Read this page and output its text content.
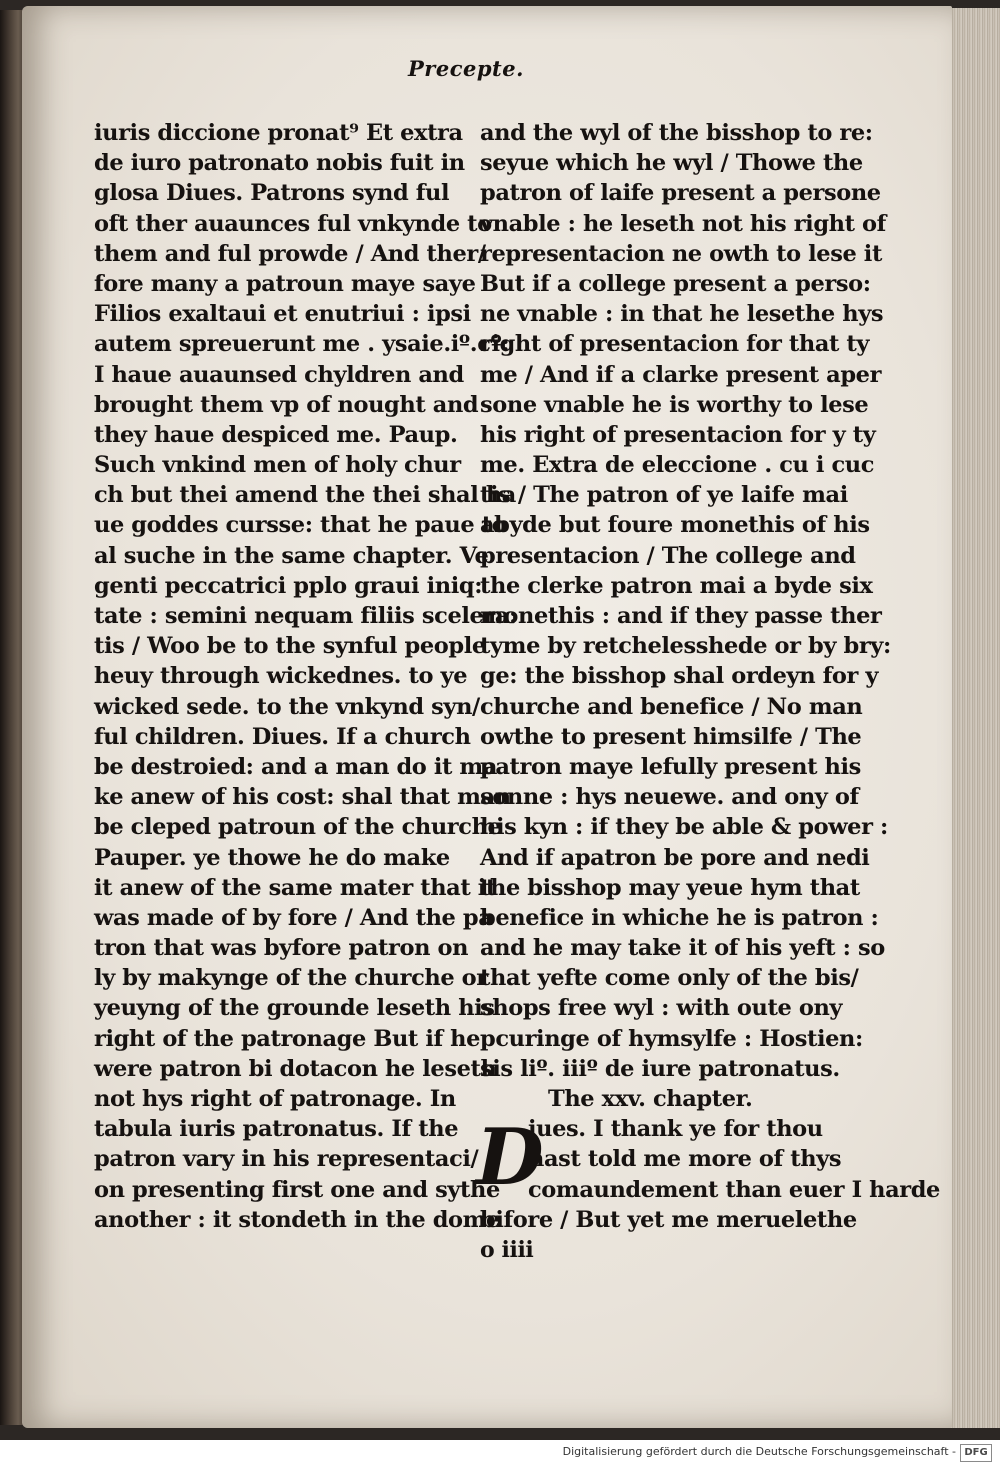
Precepte.
iuris diccione pronat⁹ Et extra
de iuro patronato nobis fuit in
glosa Diues. Patrons synd ful
oft ther auaunces ful vnkynde to
them and ful prowde / And ther/
fore many a patroun maye saye
Filios exaltaui et enutriui : ipsi
autem spreuerunt me . ysaie.iº.cº:
I haue auaunsed chyldren and
brought them vp of nought and
they haue despiced me. Paup.
Such vnkind men of holy chur
ch but thei amend the thei shal ha
ue goddes cursse: that he paue to
al suche in the same chapter. Ve
genti peccatrici pplo graui iniq:
tate : semini nequam filiis scelera:
tis / Woo be to the synful people
heuy through wickednes. to ye
wicked sede. to the vnkynd syn/
ful children. Diues. If a church
be destroied: and a man do it ma
ke anew of his cost: shal that man
be cleped patroun of the churche
Pauper. ye thowe he do make
it anew of the same mater that it
was made of by fore / And the pa
tron that was byfore patron on
ly by makynge of the churche or
yeuyng of the grounde leseth his
right of the patronage But if he
were patron bi dotacon he leseth
not hys right of patronage. In
tabula iuris patronatus. If the
patron vary in his representaci/
on presenting first one and sythe
another : it stondeth in the dome
and the wyl of the bisshop to re:
seyue which he wyl / Thowe the
patron of laife present a persone
vnable : he leseth not his right of
representacion ne owth to lese it
But if a college present a perso:
ne vnable : in that he lesethe hys
right of presentacion for that ty
me / And if a clarke present aper
sone vnable he is worthy to lese
his right of presentacion for y ty
me. Extra de eleccione . cu i cuc
tis / The patron of ye laife mai
abyde but foure monethis of his
presentacion / The college and
the clerke patron mai a byde six
monethis : and if they passe ther
tyme by retchelesshede or by bry:
ge: the bisshop shal ordeyn for y
churche and benefice / No man
owthe to present himsilfe / The
patron maye lefully present his
sonne : hys neuewe. and ony of
his kyn : if they be able & power :
And if apatron be pore and nedi
the bisshop may yeue hym that
benefice in whiche he is patron :
and he may take it of his yeft : so
that yefte come only of the bis/
shops free wyl : with oute ony
pcuringe of hymsylfe : Hostien:
sis liº. iiiº de iure patronatus.
The xxv. chapter.
D
iues. I thank ye for thou
hast told me more of thys
comaundement than euer I harde
bifore / But yet me meruelethe
o iiii
Digitalisierung gefördert durch die Deutsche Forschungsgemeinschaft - DFG
